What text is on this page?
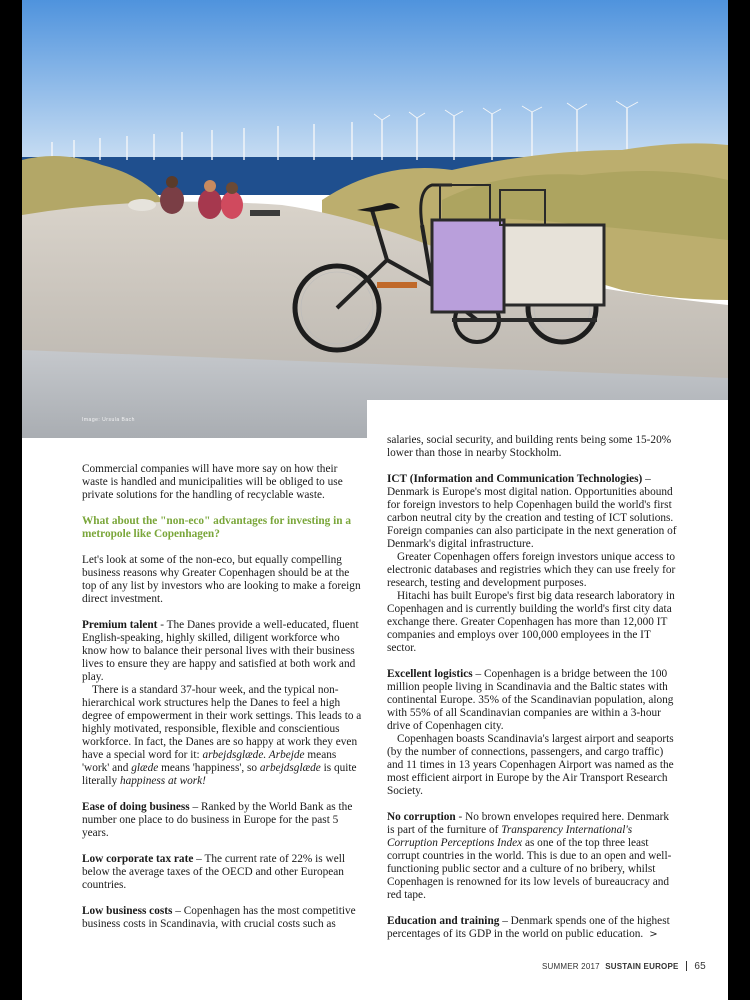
Image: Ursula Bach

Commercial companies will have more say on how their waste is handled and municipalities will be obliged to use private solutions for the handling of recyclable waste.

What about the "non-eco" advantages for investing in a metropole like Copenhagen?

Let's look at some of the non-eco, but equally compelling business reasons why Greater Copenhagen should be at the top of any list by investors who are looking to make a foreign direct investment.

Premium talent - The Danes provide a well-educated, fluent English-speaking, highly skilled, diligent workforce who know how to balance their personal lives with their business lives to ensure they are happy and satisfied at both work and play.

There is a standard 37-hour week, and the typical non-hierarchical work structures help the Danes to feel a high degree of empowerment in their work settings. This leads to a highly motivated, responsible, flexible and conscientious workforce. In fact, the Danes are so happy at work they even have a special word for it: arbejdsglæde. Arbejde means 'work' and glæde means 'happiness', so arbejdsglæde is quite literally happiness at work!

Ease of doing business – Ranked by the World Bank as the number one place to do business in Europe for the past 5 years.

Low corporate tax rate – The current rate of 22% is well below the average taxes of the OECD and other European countries.

Low business costs – Copenhagen has the most competitive business costs in Scandinavia, with crucial costs such as

salaries, social security, and building rents being some 15-20% lower than those in nearby Stockholm.

ICT (Information and Communication Technologies) – Denmark is Europe's most digital nation. Opportunities abound for foreign investors to help Copenhagen build the world's first carbon neutral city by the creation and testing of ICT solutions. Foreign companies can also participate in the next generation of Denmark's digital infrastructure.

Greater Copenhagen offers foreign investors unique access to electronic databases and registries which they can use freely for research, testing and development purposes.

Hitachi has built Europe's first big data research laboratory in Copenhagen and is currently building the world's first city data exchange there. Greater Copenhagen has more than 12,000 IT companies and employs over 100,000 employees in the IT sector.

Excellent logistics – Copenhagen is a bridge between the 100 million people living in Scandinavia and the Baltic states with continental Europe. 35% of the Scandinavian population, along with 55% of all Scandinavian companies are within a 3-hour drive of Copenhagen city.

Copenhagen boasts Scandinavia's largest airport and seaports (by the number of connections, passengers, and cargo traffic) and 11 times in 13 years Copenhagen Airport was named as the most efficient airport in Europe by the Air Transport Research Society.

No corruption - No brown envelopes required here. Denmark is part of the furniture of Transparency International's Corruption Perceptions Index as one of the top three least corrupt countries in the world. This is due to an open and well-functioning public sector and a culture of no bribery, whilst Copenhagen is renowned for its low levels of bureaucracy and red tape.

Education and training – Denmark spends one of the highest percentages of its GDP in the world on public education. >

SUMMER 2017 SUSTAIN EUROPE 65
